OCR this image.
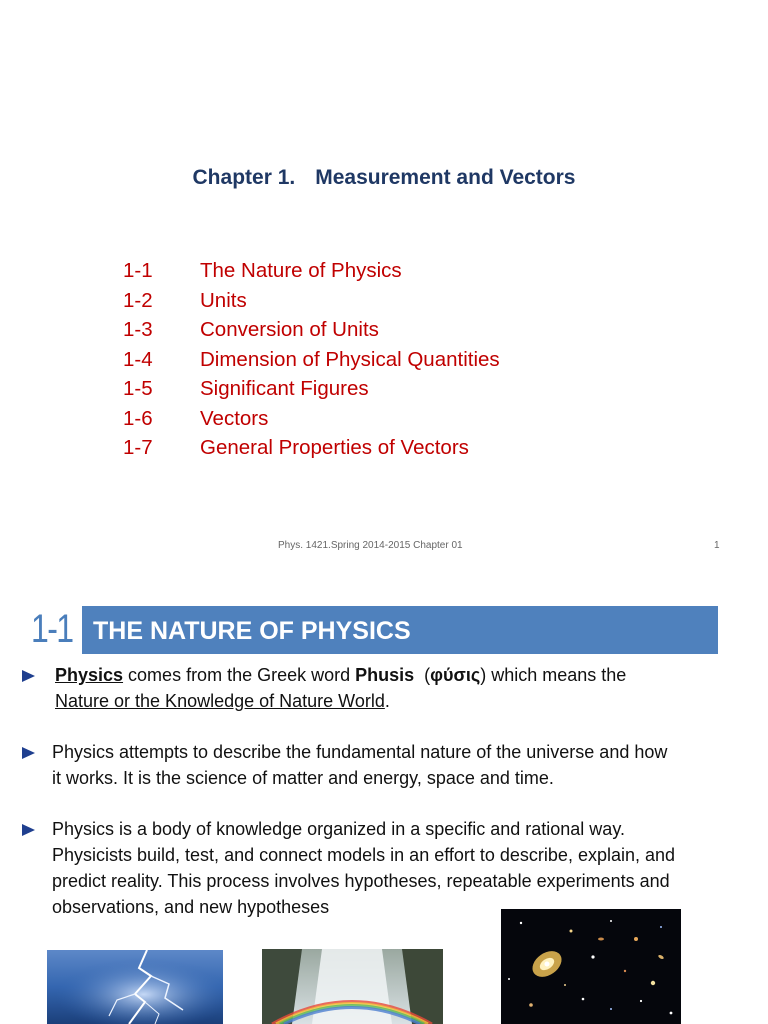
Chapter 1. Measurement and Vectors
1-1 The Nature of Physics
1-2 Units
1-3 Conversion of Units
1-4 Dimension of Physical Quantities
1-5 Significant Figures
1-6 Vectors
1-7 General Properties of Vectors
Phys. 1421.Spring 2014-2015 Chapter 01	1
1-1 THE NATURE OF PHYSICS
Physics comes from the Greek word Phusis  (φύσις) which means the
Nature or the Knowledge of Nature World.
Physics attempts to describe the fundamental nature of the universe and how
it works. It is the science of matter and energy, space and time.
Physics is a body of knowledge organized in a specific and rational way.
Physicists build, test, and connect models in an effort to describe, explain, and
predict reality. This process involves hypotheses, repeatable experiments and
observations, and new hypotheses
